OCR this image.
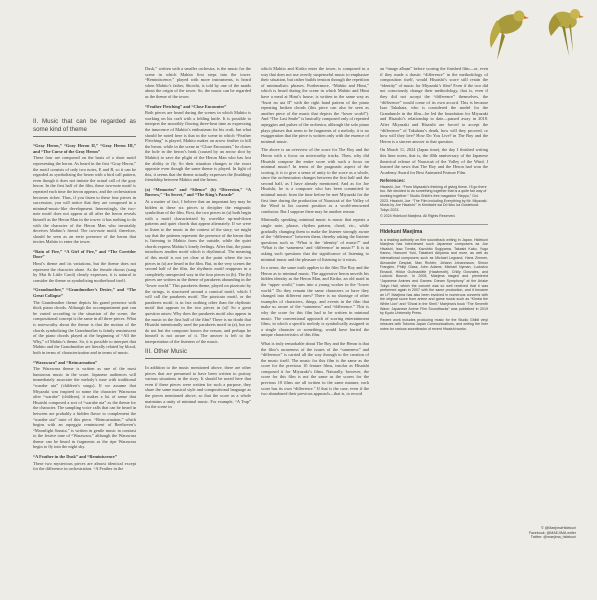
II. Music that can be regarded as some kind of theme
“Gray Heron,” “Gray Heron II,” “Gray Heron III,” and “The Curse of the Gray Heron”

These four are composed on the basis of a short motif representing the heron. As heard in the first “Gray Heron,” the motif consists of only two notes, E and B, so it can be regarded as symbolizing the heron with a bird call pattern, even though it does not imitate the actual call of the gray heron. In the first half of the film, these two-note motif is repeated each time the heron appears, and the orchestration becomes richer. Thus, if you listen to these four pieces in succession, you will notice that they are composed in a minimal-music-like development. Interestingly, the two-note motif does not appear at all after the heron reveals himself as the Heron Man in the tower: it has nothing to do with the character of the Heron Man who invariably deceives Mahito’s friend. The two-note motif, therefore, should be seen as an eerie presence of the heron that invites Mahito to enter the tower.

“Rain of Fire,” “A Girl of Fire,” and “The Corridor Door”

Himi’s theme and its variations, but the theme does not represent the character alone. As the female chorus (sung by Mai & Little Carol) clearly expresses, it is natural to consider the theme as symbolizing motherhood itself.

“Grandmother,” “Grandmother’s Desire,” and “The Great Collapse”

The Grandmother theme depicts his grand presence with thick piano chords. Although the accompaniment part can be varied according to the situation of the scene, the compositional concept is the same in all three pieces. What is noteworthy about the theme is that the motion of the chords symbolizing the Grandmother is faintly reminiscent of the piano chords played at the beginning of “All the Why,” of Mahito’s theme. So, it is possible to interpret that Mahito and the Grandmother are literally related by blood, both in terms of characterization and in terms of music.

“Warawara” and “Reincarnation”

The Warawara theme is written as one of the most humorous music in the score. Japanese audiences will immediately associate the melody’s tune with traditional “warabe uta” (children’s songs). If we assume that Miyazaki was inspired to name the character Warawara after “warabe” (children), it makes a lot of sense that Hisaishi composed a sort of “warabe uta” as the theme for the character. The sampling voice calls that can be heard in between are probably a hidden flavor to complement the “warabe uta” taste of this piece. “Reincarnation,” which begins with an arpeggio reminiscent of Beethoven’s “Moonlight Sonata,” is written in gentle music in contrast to the festive tone of “Warawara,” although the Warawara theme can be heard in fragments as the ripe Warawara begin to fly into the night sky.

“A Feather in the Dusk” and “Reminiscence”

These two mysterious pieces are almost identical except for the difference in orchestration. “A Feather in the

Dusk,” written with a smaller orchestra, is the music for the scene in which Mahito first steps into the tower. “Reminiscence,” played with more instruments, is heard when Mahito’s father, Shoichi, is told by one of the maids about the origin of the tower. So, the music can be regarded as the theme of the tower.

“Feather Fletching” and “Close Encounter”

Both pieces are heard during the scenes in which Mahito is working on his craft with a folding knife. It is possible to interpret the smoothly flowing three-beat time as expressing the innocence of Mahito’s enthusiasm for his craft, but what should be noted here is that in the scene in which “Feather Fletching” is played, Mahito makes an arrow feather to kill the heron, while in the scene in “Close Encounter,” he closes the hole in the heron’s beak (caused by an arrow shot by Mahito) to save the plight of the Heron Man who has lost the ability to fly. So their situation changes to the exact opposite even though the same theme is played. In light of this, it seems that the theme actually expresses the (budding) friendship between Mahito and the heron.

(a) “Memories” and “Silence” (b) “Diversion,” “A Burrow,” “In Secret,” and “The King’s Parade”

At a matter of fact, I believe that an important key may be hidden in these six pieces to decipher the enigmatic symbolism of the film. First, the two pieces in (a) both begin with a motif characterized by wavelike up-and-down patterns and quiet chords that appear alternately. If we were to listen to the music in the context of the story, we might say that the patterns represent the presence of the heron that is listening to Mahito from the outside, while the quiet chords express Mahito’s lonely feelings. After that, the piano introduces another motif which is rhythmical. The meaning of this motif is not yet clear at the point where the two pieces in (a) are heard in the film. But, in the very scenes the second half of the film, the rhythmic motif reappears in a completely unexpected way in the four pieces in (b). The (b) pieces are written as the theme of parakeets abounding in the “lower world.” This parakeets theme, played on pizzicato by the strings, is structured around a comical motif, which I will call the parakeets motif. The pizzicato motif, or the parakeets motif, is in fact nothing other than the rhythmic motif that appears in the two pieces in (a)! So a great question arises: Why does the parakeets motif also appear in the music in the first half of the film? There is no doubt that Hisaishi intentionally used the parakeets motif in (a), but we do not but the composer knows the reason, and perhaps he himself is not aware of it. The answer is left to the interpretation of the listeners of the music.

III. Other Music

In addition to the music mentioned above, there are other pieces that are presumed to have been written to portray various situations in the story. It should be noted here that even if these pieces were written for such a purpose, they share the same musical style and compositional language as the pieces mentioned above, so that the score as a whole maintains a unity of minimal music. For example, “A Trap” for the scene in

which Mahito and Kiriko enter the tower, is composed in a way that does not use overtly suspenseful music to emphasize their situation, but rather builds tension through the repetition of minimalistic phrases. Furthermore, “Mahito and Himi,” which is heard during the scene in which Mahito and Himi have a meal at Himi’s house, is written in the same way as “Inori no uta II” with the right hand pattern of the piano repeating broken chords (this piece can also be seen as another piece of the music that depicts the “lower world”). And “The Last Smile” is basically composed only of repeated arpeggios and pulses of the orchestra, although the solo piano plays phrases that seem to be fragments of a melody; it is no exaggeration that the piece is written only with the essence of minimal music.

The above is an overview of the score for The Boy and the Heron with a focus on noteworthy tracks. Then, why did Hisaishi compose the entire score with such a focus on minimal music? In terms of the pragmatic aspect of the scoring, it is to give a sense of unity to the score as a whole, since the orchestration changes between the first half and the second half, as I have already mentioned. And as for Joe Hisaishi, he is a composer who has been committed to minimal music from the time before he met Miyazaki for the first time during the production of Nausicaä of the Valley of the Wind to his current position as a world-renowned conductor. But I suppose there may be another reason.

Minimally speaking, minimal music is music that repeats a single note, phrase, rhythm pattern, chord, etc., while gradually changing them to make the listener strongly aware of the “difference” between them, thereby asking the listener questions such as “What is the ‘identity’ of music?” and “What is the ‘sameness’ and ‘difference’ in music?” It is in asking such questions that the significance of listening to minimal music and the pleasure of listening to it exists.

In a sense, the same truth applies to the film The Boy and the Heron as to minimal music. The aggressive heron unveils his hidden identity as the Heron Man, and Kiriko, an old maid in the “upper world,” turns into a young worker in the “lower world.” Do they remain the same characters or have they changed into different ones? There is no shortage of other examples of characters, things, and events in the film that make us aware of the “sameness” and “difference.” This is why the score for this film had to be written in minimal music. The conventional approach of scoring entertainment films, in which a specific melody is symbolically assigned to a single character or something, would have buried the unique characteristics of this film.

What is truly remarkable about The Boy and the Heron is that the film’s awareness of the issues of the “sameness” and “difference” is carried all the way through to the creation of the music itself. The music for this film is the same as the score for the previous 10 feature films, insofar as Hisaishi composed it for Miyazaki’s films. Naturally, however, the score for this film is not the same as the scores for the previous 10 films are all written in the same manner, each score has its own “difference.” If that is the case, even if the two abandoned their previous approach—that is, to record

an “image album” before scoring the finished film—or, even if they made a drastic “difference” in the methodology of composition itself, would Hisaishi’s score still retain the “identity” of music for Miyazaki’s film? Even if the two did not consciously change their methodology, that is, even if they did not accept the “difference” themselves, the “difference” would come of its own accord. This is because Isao Takahata, who is considered the model for the Granduncle in the film—he led the foundation for Miyazaki and Hisaishi’s relationship to date—passed away in 2018. After Miyazaki and Hisaishi are forced to accept the “difference” of Takahata’s death, how will they proceed, or how will they live? How Do You Live? in The Boy and the Heron is a sincere answer to that question.

On March 11, 2024 (Japan time), the day I finished writing this liner notes, that is, the 40th anniversary of the Japanese theatrical release of Nausicaä of the Valley of the Wind, I learned the news that The Boy and the Heron had won the Academy Award for Best Animated Feature Film.

References:
Hisaishi, Joe. “From Miyazaki’s thinking of giving these. I’ll go there too. We decided to do something together that is a quite fair way of working together.” Studio Ghibli’s free magazine “Neppu,” Oct. 2023. Hisaishi, Joe. “The Film including Everything by Mr. Miyazaki. Music by Joe Hisaishi.” In Kimitachi wa Dō Ikiru ka Guidebook Tokyo 2023.
© 2024 Hidekuni Maejima. All Rights Reserved.
Hidekuni Maejima
is a leading authority on film soundtrack writing in Japan. Hidekuni Maejima has interviewed such Japanese composers as Joe Hisaishi, Isao Tomita, Kazuhito Sugiyama, Takashi Kako, Yugo Kanno, Haruomi Yuki, Takafumi Akiyama and more, as well as international composers such as Michael Legrand, Hans Zimmer, Alexandre Desplat, Max Richter, Jóhann Jóhannsson, Simon Franglen, Philip Glass, John Adams, Michael Nyman, Ludovico Einaudi, Hildur Guðnadóttir (Hawkmoth), Chilly Gonzales, and Ludovic Bource. In 2005, Maejima staged and premiered “Japanese Animes and Games: Dream Symphony” at the Ariake Tokyo Hall, which the concert was so well received that it was performed again in 2007 with the same production, and it became an LP. Maejima has also been involved in numerous concerts with the original score from anime and game music such as “Kimba the White Lion” and “Ghost in the Shell.” Maejima’s book “The Seventh Wave: Japanese Anime Film Soundtracks” was published in 2019 by Kyoto University Press.
Recent work includes producing music for the Studio Ghibli vinyl reissues with Tokuma Japan Communications, and writing the liner notes for various soundtracks of recent Hisaishi works.
© @MaejimaHidekuni
Facebook: @MAEJIMA.writer
Twitter: @maejima_hidekuni
